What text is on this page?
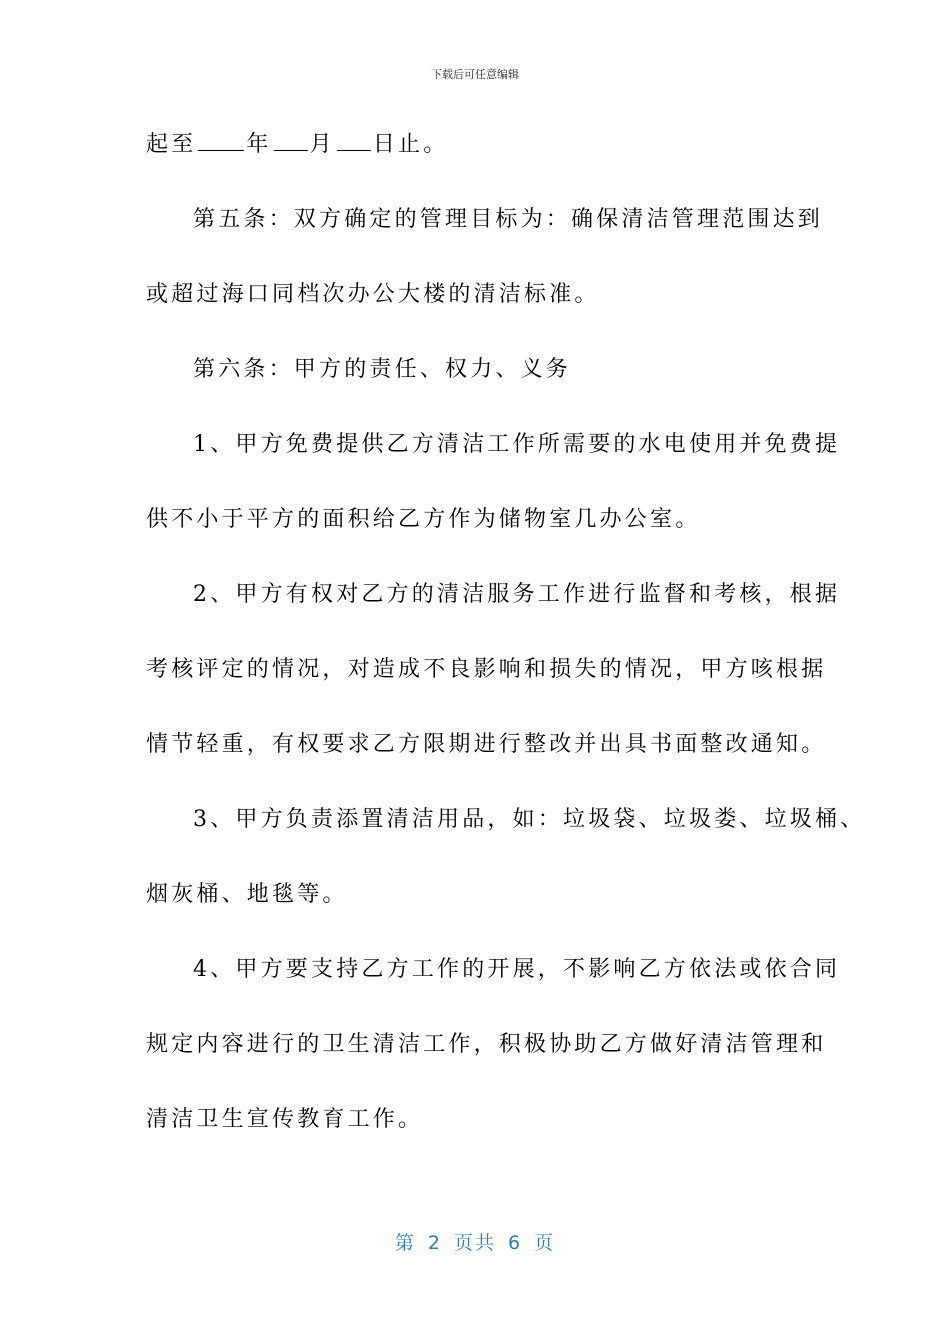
下载后可任意编辑
起至 年 月 日止。
第五条：双方确定的管理目标为：确保清洁管理范围达到
或超过海口同档次办公大楼的清洁标准。
第六条：甲方的责任、权力、义务
1、甲方免费提供乙方清洁工作所需要的水电使用并免费提
供不小于平方的面积给乙方作为储物室几办公室。
2、甲方有权对乙方的清洁服务工作进行监督和考核，根据
考核评定的情况，对造成不良影响和损失的情况，甲方咳根据
情节轻重，有权要求乙方限期进行整改并出具书面整改通知。
3、甲方负责添置清洁用品，如：垃圾袋、垃圾娄、垃圾桶、
烟灰桶、地毯等。
4、甲方要支持乙方工作的开展，不影响乙方依法或依合同
规定内容进行的卫生清洁工作，积极协助乙方做好清洁管理和
清洁卫生宣传教育工作。
第 2 页共 6 页
